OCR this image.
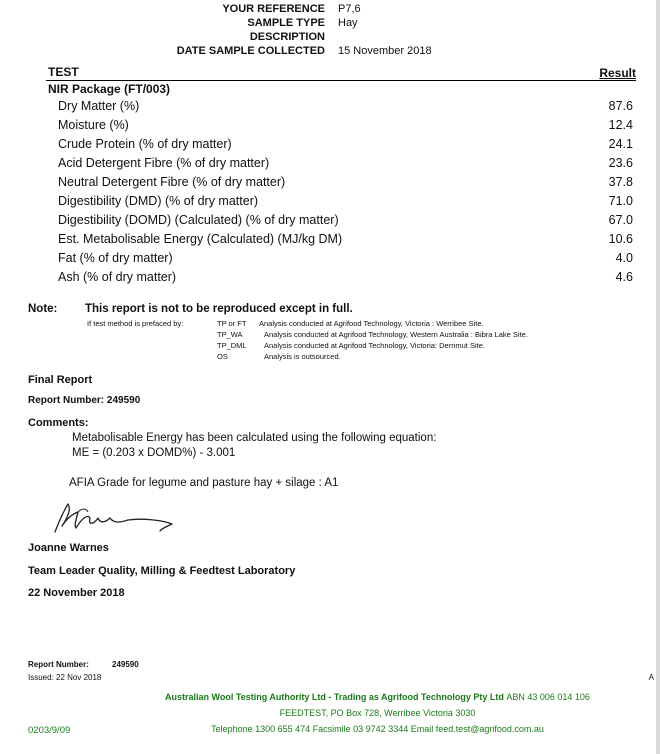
YOUR REFERENCE P7,6
SAMPLE TYPE Hay
DESCRIPTION
DATE SAMPLE COLLECTED 15 November 2018
TEST	Result
NIR Package (FT/003)
Dry Matter (%)	87.6
Moisture (%)	12.4
Crude Protein (% of dry matter)	24.1
Acid Detergent Fibre (% of dry matter)	23.6
Neutral Detergent Fibre (% of dry matter)	37.8
Digestibility (DMD) (% of dry matter)	71.0
Digestibility (DOMD) (Calculated) (% of dry matter)	67.0
Est. Metabolisable Energy (Calculated) (MJ/kg DM)	10.6
Fat (% of dry matter)	4.0
Ash (% of dry matter)	4.6
Note: This report is not to be reproduced except in full.
If test method is prefaced by:	TP or FT Analysis conducted at Agrifood Technology, Victoria : Werribee Site.
TP_WA	Analysis conducted at Agrifood Technology, Western Australia : Bibra Lake Site.
TP_DML Analysis conducted at Agrifood Technology, Victoria: Derrimut Site.
OS	Analysis is outsourced.
Final Report
Report Number: 249590
Comments:
Metabolisable Energy has been calculated using the following equation:
ME = (0.203 x DOMD%) - 3.001
AFIA Grade for legume and pasture hay + silage : A1
Joanne Warnes
Team Leader Quality, Milling & Feedtest Laboratory
22 November 2018
Report Number:	249590
Issued: 22 Nov 2018	A
Australian Wool Testing Authority Ltd - Trading as Agrifood Technology Pty Ltd ABN 43 006 014 106
FEEDTEST, PO Box 728, Werribee Victoria 3030
0203/9/09	Telephone 1300 655 474 Facsimile 03 9742 3344 Email feed.test@agrifood.com.au
